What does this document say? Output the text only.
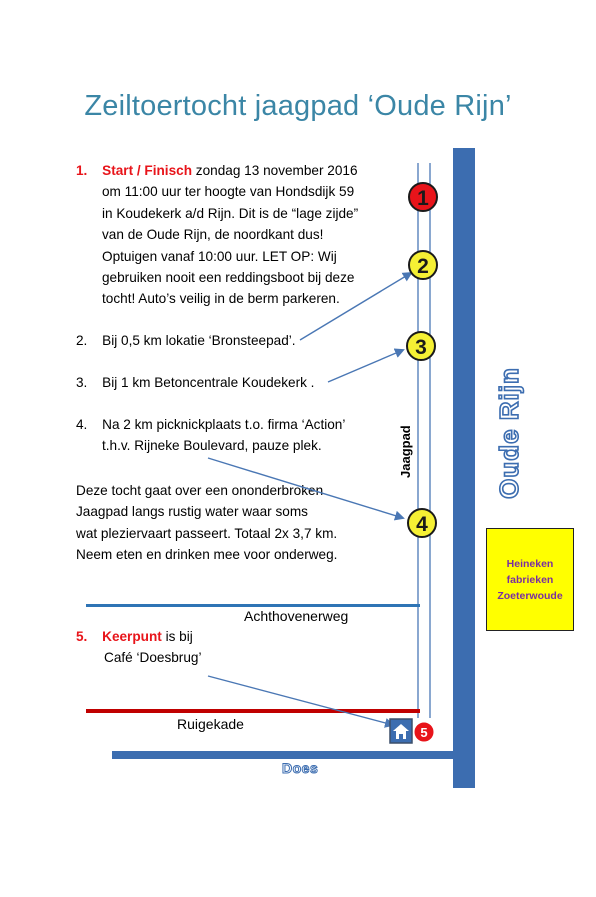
Zeiltoertocht jaagpad ‘Oude Rijn’
1. Start / Finisch zondag 13 november 2016
om 11:00 uur ter hoogte van Hondsdijk 59
in Koudekerk a/d Rijn. Dit is de “lage zijde”
van de Oude Rijn, de noordkant dus!
Optuigen vanaf 10:00 uur. LET OP: Wij
gebruiken nooit een reddingsboot bij deze
tocht! Auto’s veilig in de berm parkeren.
2. Bij 0,5 km lokatie ‘Bronsteepad’.
3. Bij 1 km Betoncentrale Koudekerk .
4. Na 2 km picknickplaats t.o. firma ‘Action’
t.h.v. Rijneke Boulevard, pauze plek.
Deze tocht gaat over een ononderbroken
Jaagpad langs rustig water waar soms
wat pleziervaart passeert. Totaal 2x 3,7 km.
Neem eten en drinken mee voor onderweg.
5. Keerpunt is bij
Café ‘Doesbrug’
1
2
3
4
5
Jaagpad	Oude Rijn
Heineken
fabrieken
Zoeterwoude
Achthovenerweg
Ruigekade
Does
